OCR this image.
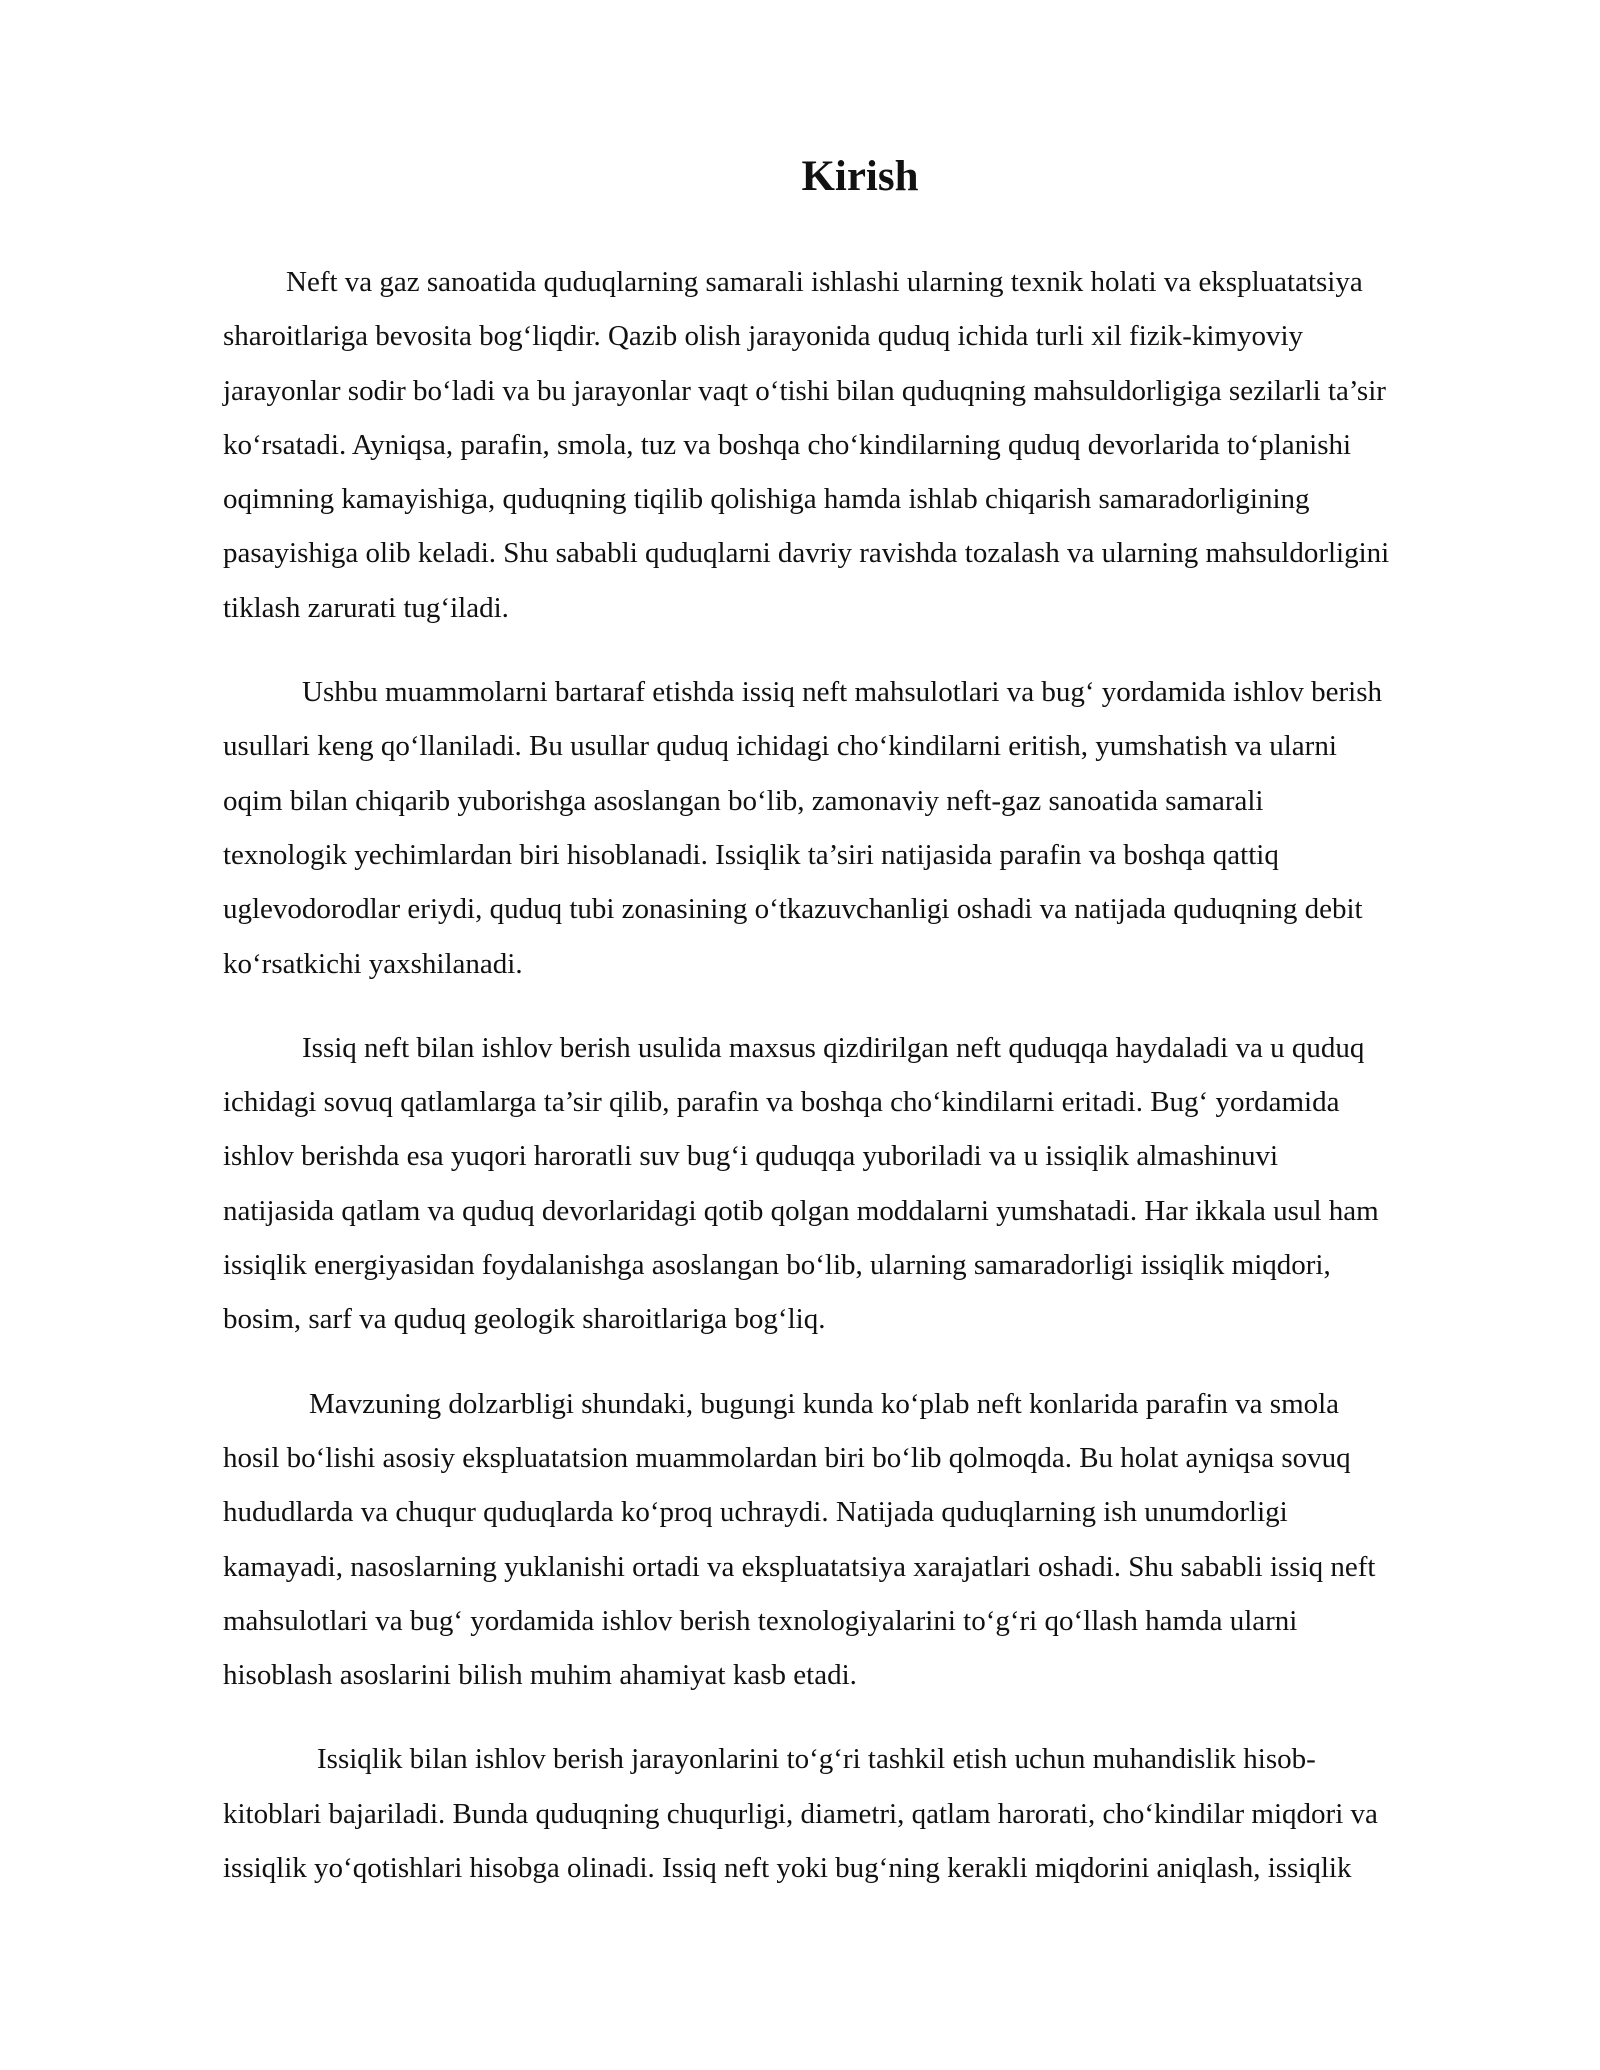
Kirish

Neft va gaz sanoatida quduqlarning samarali ishlashi ularning texnik holati va ekspluatatsiya
sharoitlariga bevosita bog‘liqdir. Qazib olish jarayonida quduq ichida turli xil fizik-kimyoviy
jarayonlar sodir bo‘ladi va bu jarayonlar vaqt o‘tishi bilan quduqning mahsuldorligiga sezilarli ta’sir
ko‘rsatadi. Ayniqsa, parafin, smola, tuz va boshqa cho‘kindilarning quduq devorlarida to‘planishi
oqimning kamayishiga, quduqning tiqilib qolishiga hamda ishlab chiqarish samaradorligining
pasayishiga olib keladi. Shu sababli quduqlarni davriy ravishda tozalash va ularning mahsuldorligini
tiklash zarurati tug‘iladi.

Ushbu muammolarni bartaraf etishda issiq neft mahsulotlari va bug‘ yordamida ishlov berish
usullari keng qo‘llaniladi. Bu usullar quduq ichidagi cho‘kindilarni eritish, yumshatish va ularni
oqim bilan chiqarib yuborishga asoslangan bo‘lib, zamonaviy neft-gaz sanoatida samarali
texnologik yechimlardan biri hisoblanadi. Issiqlik ta’siri natijasida parafin va boshqa qattiq
uglevodorodlar eriydi, quduq tubi zonasining o‘tkazuvchanligi oshadi va natijada quduqning debit
ko‘rsatkichi yaxshilanadi.

Issiq neft bilan ishlov berish usulida maxsus qizdirilgan neft quduqqa haydaladi va u quduq
ichidagi sovuq qatlamlarga ta’sir qilib, parafin va boshqa cho‘kindilarni eritadi. Bug‘ yordamida
ishlov berishda esa yuqori haroratli suv bug‘i quduqqa yuboriladi va u issiqlik almashinuvi
natijasida qatlam va quduq devorlaridagi qotib qolgan moddalarni yumshatadi. Har ikkala usul ham
issiqlik energiyasidan foydalanishga asoslangan bo‘lib, ularning samaradorligi issiqlik miqdori,
bosim, sarf va quduq geologik sharoitlariga bog‘liq.

Mavzuning dolzarbligi shundaki, bugungi kunda ko‘plab neft konlarida parafin va smola
hosil bo‘lishi asosiy ekspluatatsion muammolardan biri bo‘lib qolmoqda. Bu holat ayniqsa sovuq
hududlarda va chuqur quduqlarda ko‘proq uchraydi. Natijada quduqlarning ish unumdorligi
kamayadi, nasoslarning yuklanishi ortadi va ekspluatatsiya xarajatlari oshadi. Shu sababli issiq neft
mahsulotlari va bug‘ yordamida ishlov berish texnologiyalarini to‘g‘ri qo‘llash hamda ularni
hisoblash asoslarini bilish muhim ahamiyat kasb etadi.

Issiqlik bilan ishlov berish jarayonlarini to‘g‘ri tashkil etish uchun muhandislik hisob-
kitoblari bajariladi. Bunda quduqning chuqurligi, diametri, qatlam harorati, cho‘kindilar miqdori va
issiqlik yo‘qotishlari hisobga olinadi. Issiq neft yoki bug‘ning kerakli miqdorini aniqlash, issiqlik
